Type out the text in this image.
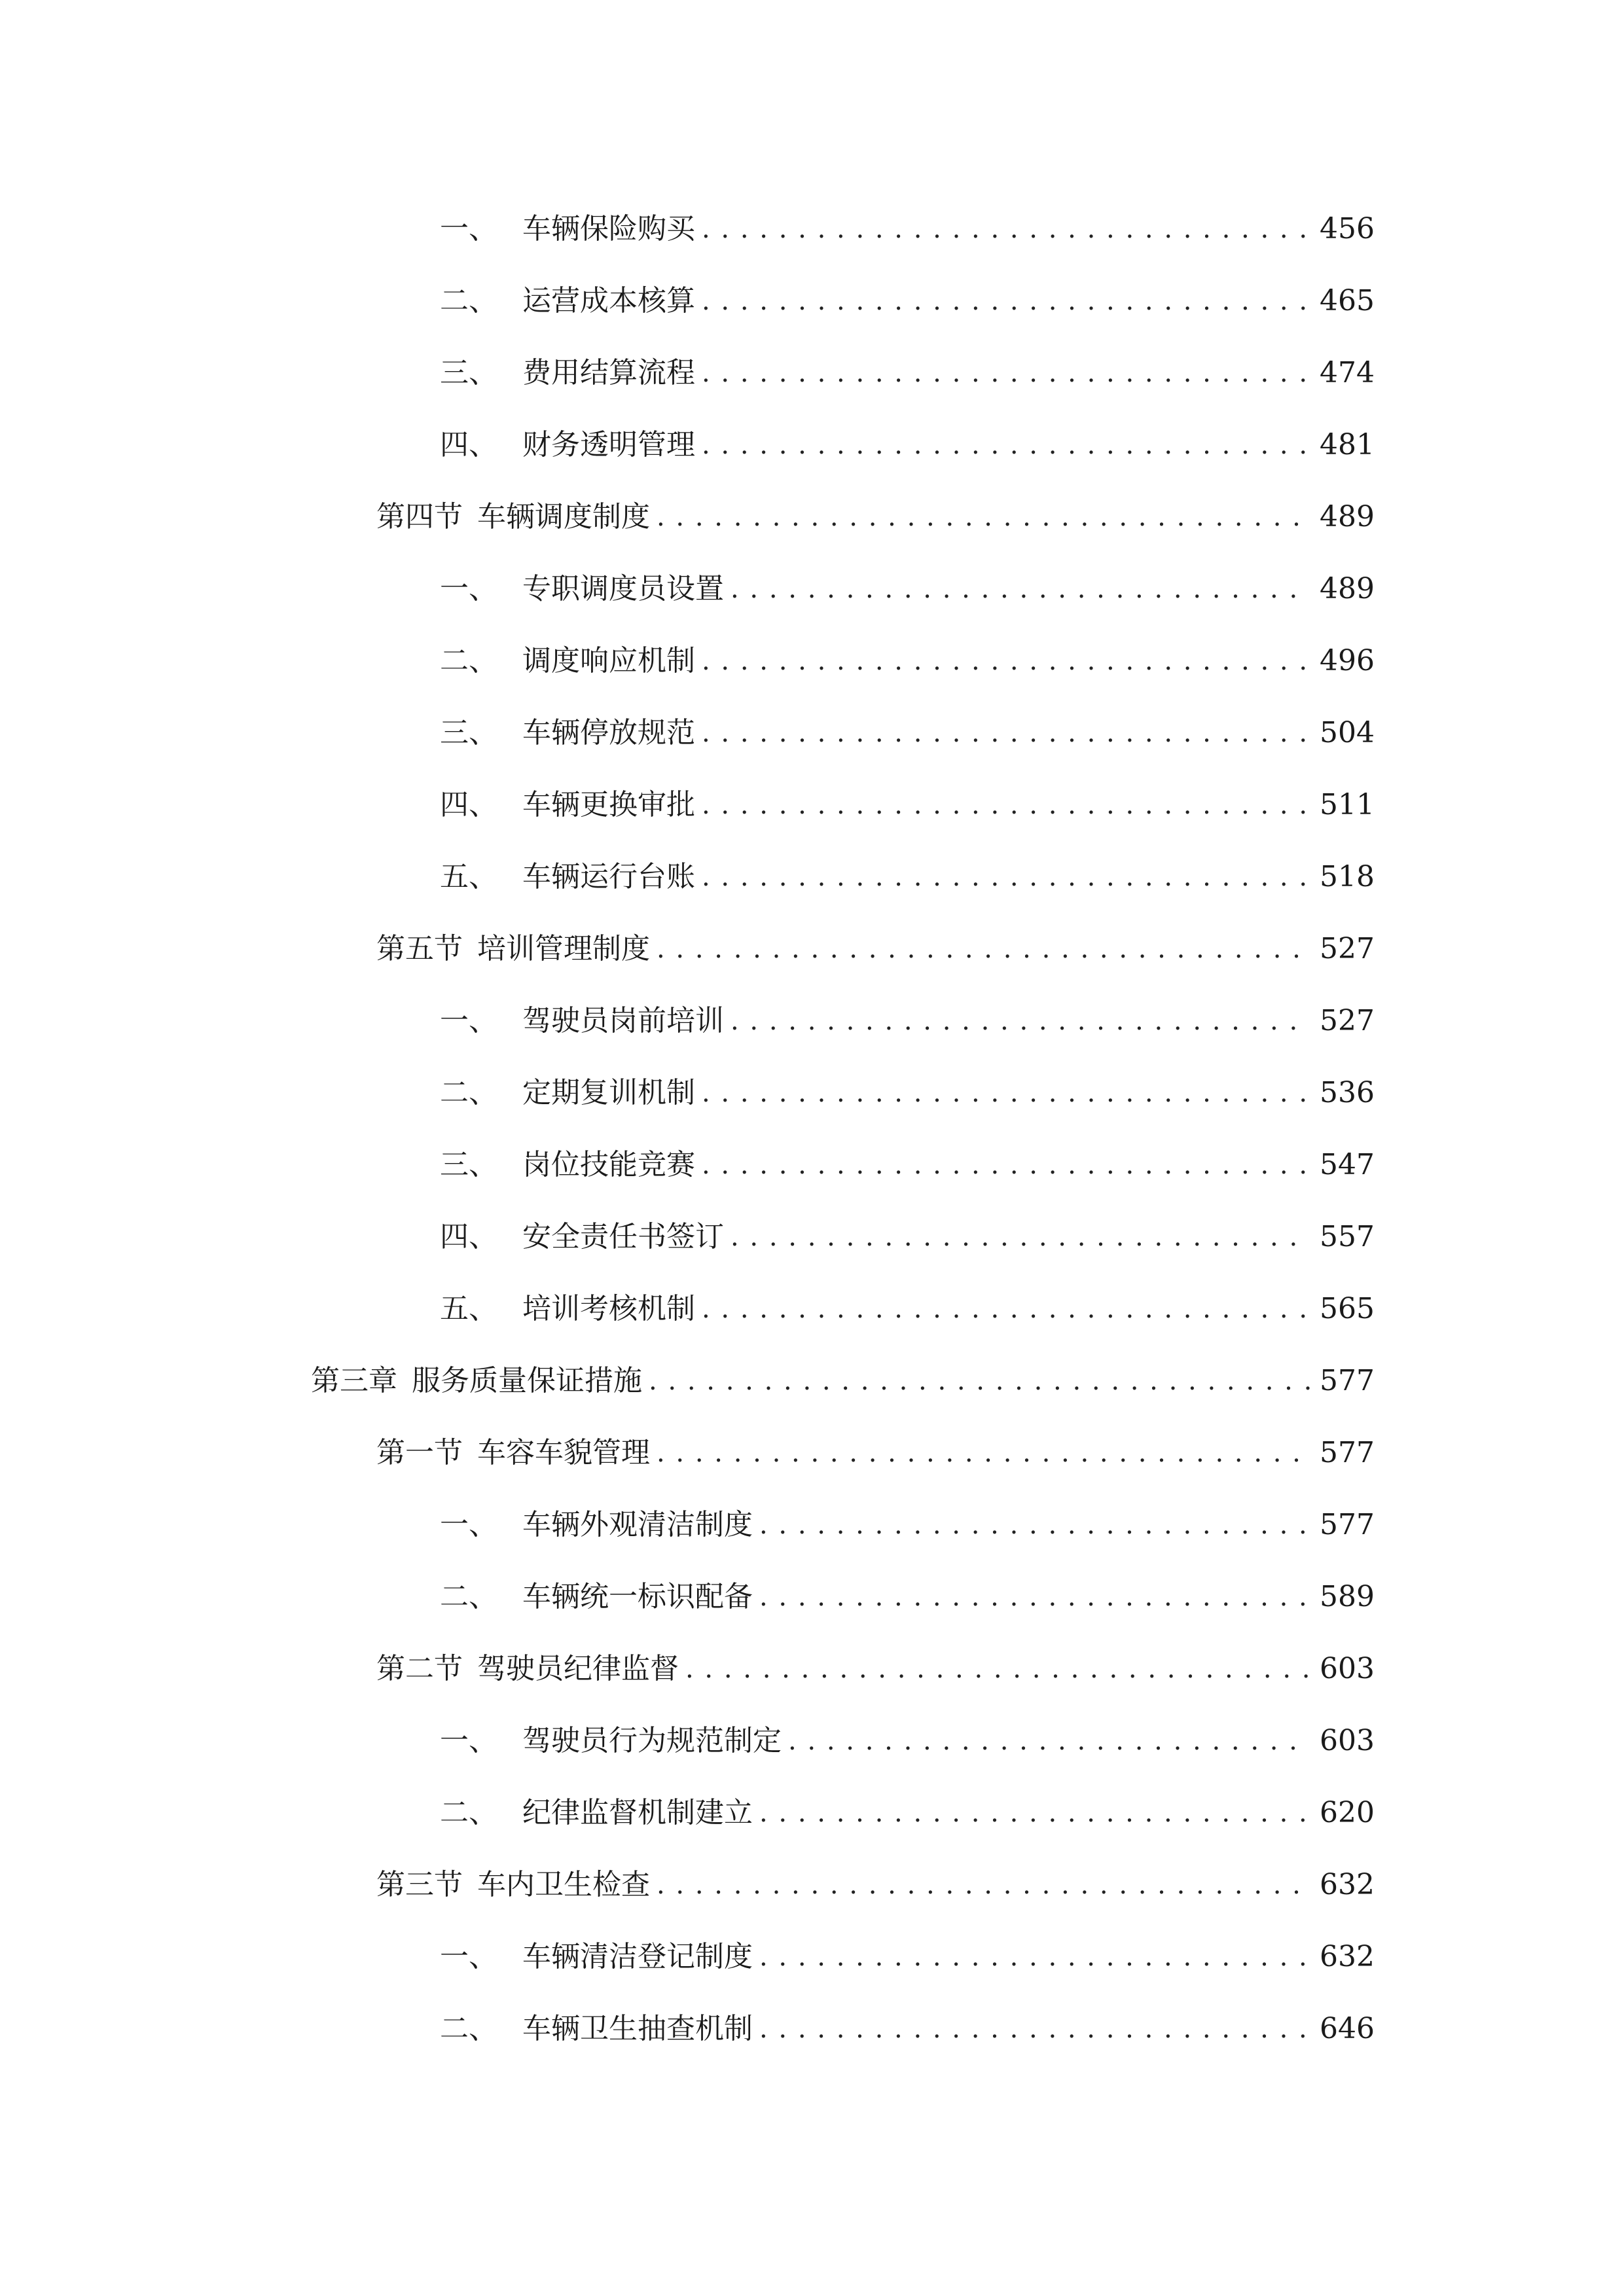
一、 车辆保险购买 . . .	456
二、 运营成本核算 . . .	465
三、 费用结算流程 . . .	474
四、 财务透明管理 . . .	481
第四节 车辆调度制度 . . .	489
一、 专职调度员设置 . . .	489
二、 调度响应机制 . . .	496
三、 车辆停放规范 . . .	504
四、 车辆更换审批 . . .	511
五、 车辆运行台账 . . .	518
第五节 培训管理制度 . . .	527
一、 驾驶员岗前培训 . . .	527
二、 定期复训机制 . . .	536
三、 岗位技能竞赛 . . .	547
四、 安全责任书签订 . . .	557
五、 培训考核机制 . . .	565
第三章 服务质量保证措施 . . .	577
第一节 车容车貌管理 . . .	577
一、 车辆外观清洁制度 . . .	577
二、 车辆统一标识配备 . . .	589
第二节 驾驶员纪律监督 . . .	603
一、 驾驶员行为规范制定 . . .	603
二、 纪律监督机制建立 . . .	620
第三节 车内卫生检查 . . .	632
一、 车辆清洁登记制度 . . .	632
二、 车辆卫生抽查机制 . . .	646
